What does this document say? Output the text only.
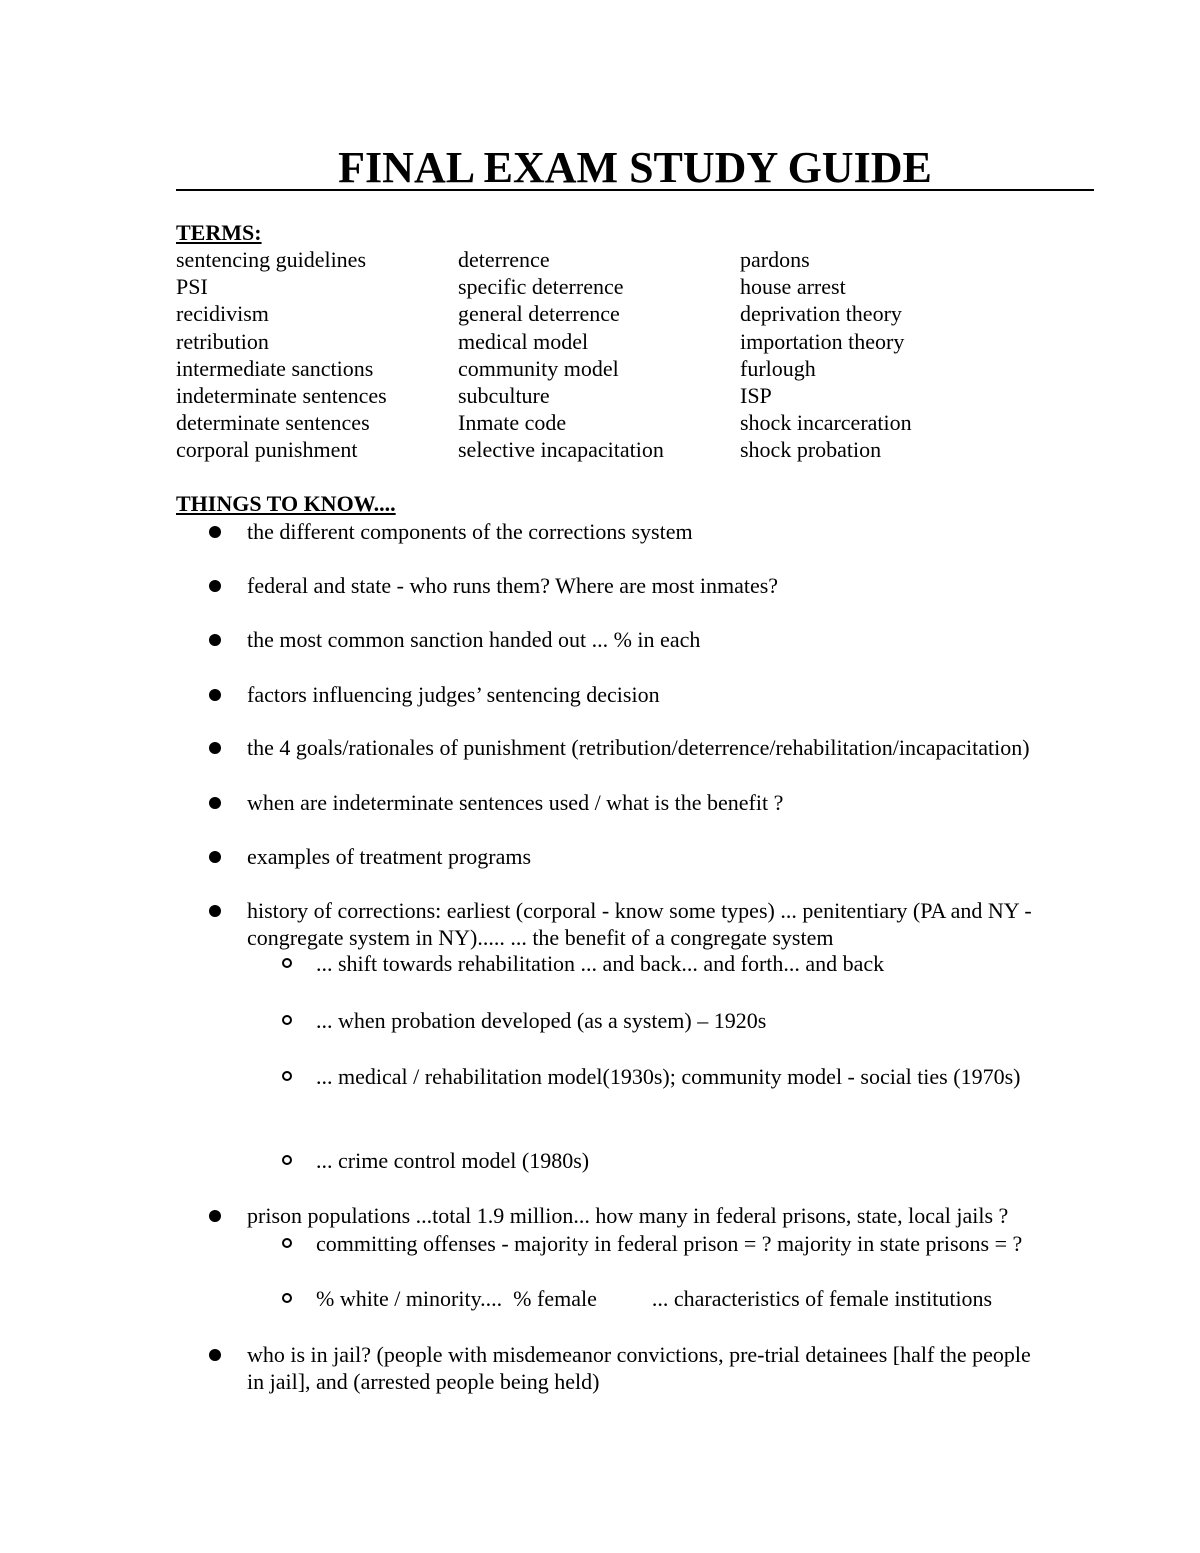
FINAL EXAM STUDY GUIDE
TERMS:
sentencing guidelines	deterrence	pardons
PSI	specific deterrence	house arrest
recidivism	general deterrence	deprivation theory
retribution	medical model	importation theory
intermediate sanctions	community model	furlough
indeterminate sentences	subculture	ISP
determinate sentences	Inmate code	shock incarceration
corporal punishment	selective incapacitation	shock probation
THINGS TO KNOW....
the different components of the corrections system
federal and state - who runs them? Where are most inmates?
the most common sanction handed out ... % in each
factors influencing judges’ sentencing decision
the 4 goals/rationales of punishment (retribution/deterrence/rehabilitation/incapacitation)
when are indeterminate sentences used / what is the benefit ?
examples of treatment programs
history of corrections: earliest (corporal - know some types) ... penitentiary (PA and NY -
congregate system in NY)..... ... the benefit of a congregate system
... shift towards rehabilitation ... and back... and forth... and back
... when probation developed (as a system) – 1920s
... medical / rehabilitation model(1930s); community model - social ties (1970s)
... crime control model (1980s)
prison populations ...total 1.9 million... how many in federal prisons, state, local jails ?
committing offenses - majority in federal prison = ? majority in state prisons = ?
% white / minority....  % female          ... characteristics of female institutions
who is in jail? (people with misdemeanor convictions, pre-trial detainees [half the people
in jail], and (arrested people being held)
